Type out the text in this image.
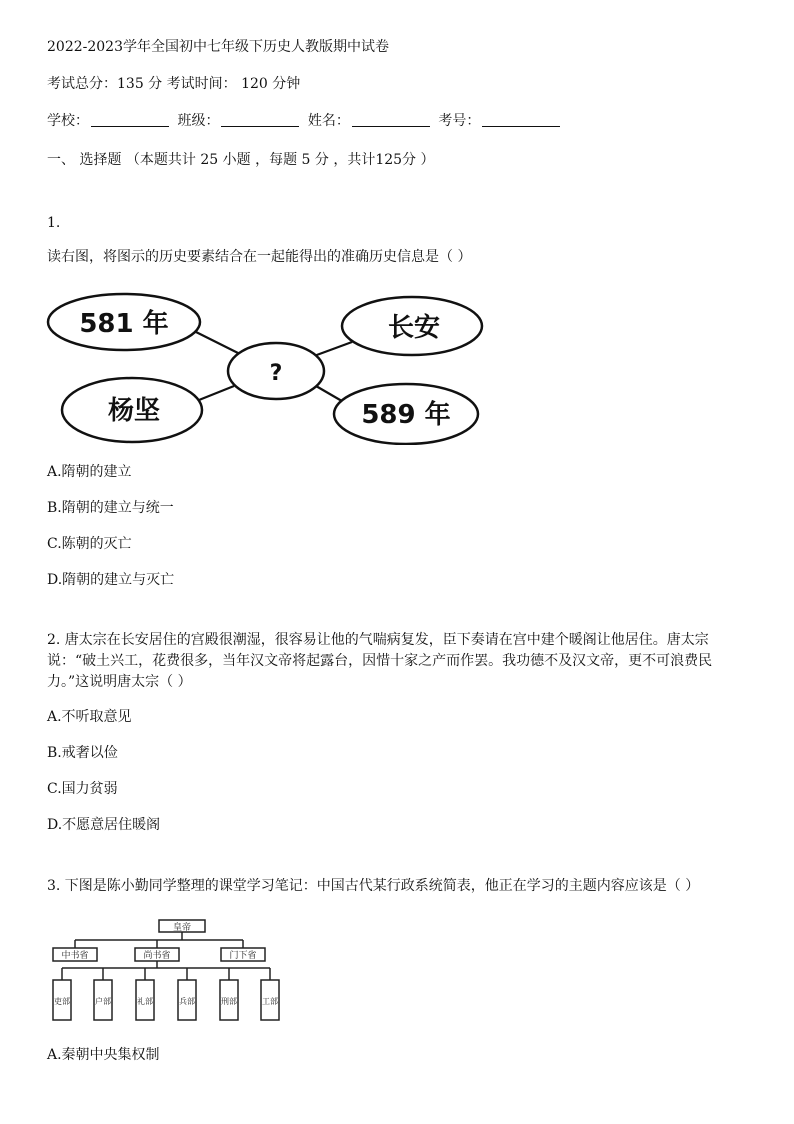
2022-2023学年全国初中七年级下历史人教版期中试卷
考试总分：135 分 考试时间： 120 分钟
学校：	班级：	姓名：	考号：
一、 选择题 （本题共计 25 小题 ，每题 5 分 ，共计125分 ）
1.
读右图，将图示的历史要素结合在一起能得出的准确历史信息是（ ）
581 年	长安
?
杨坚	589 年
A.隋朝的建立
B.隋朝的建立与统一
C.陈朝的灭亡
D.隋朝的建立与灭亡
2. 唐太宗在长安居住的宫殿很潮湿，很容易让他的气喘病复发，臣下奏请在宫中建个暖阁让他居住。唐太宗说：“破土兴工，花费很多，当年汉文帝将起露台，因惜十家之产而作罢。我功德不及汉文帝，更不可浪费民力。”这说明唐太宗（ ）
A.不听取意见
B.戒奢以俭
C.国力贫弱
D.不愿意居住暖阁
3. 下图是陈小勤同学整理的课堂学习笔记：中国古代某行政系统简表，他正在学习的主题内容应该是（ ）
皇帝
中书省	尚书省	门下省
吏部	户部	礼部	兵部	刑部	工部
A.秦朝中央集权制
